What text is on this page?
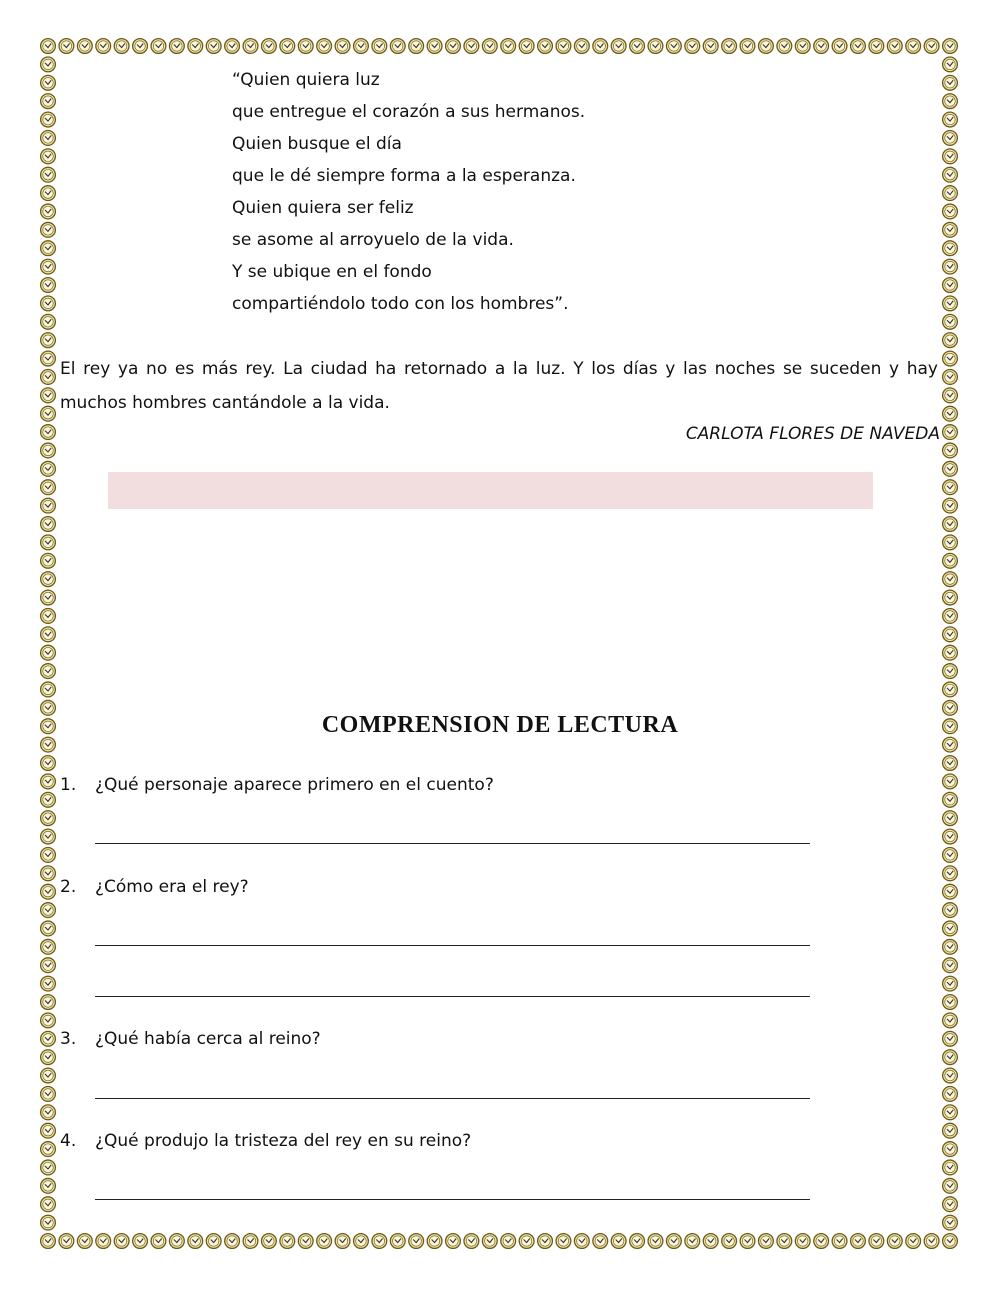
“Quien quiera luz

que entregue el corazón a sus hermanos.

Quien busque el día

que le dé siempre forma a la esperanza.

Quien quiera ser feliz

se asome al arroyuelo de la vida.

Y se ubique en el fondo

compartiéndolo todo con los hombres”.

El rey ya no es más rey. La ciudad ha retornado a la luz. Y los días y las noches se suceden y hay

muchos hombres cantándole a la vida.

CARLOTA FLORES DE NAVEDA

COMPRENSION DE LECTURA

1. ¿Qué personaje aparece primero en el cuento?

2. ¿Cómo era el rey?

3. ¿Qué había cerca al reino?

4. ¿Qué produjo la tristeza del rey en su reino?
